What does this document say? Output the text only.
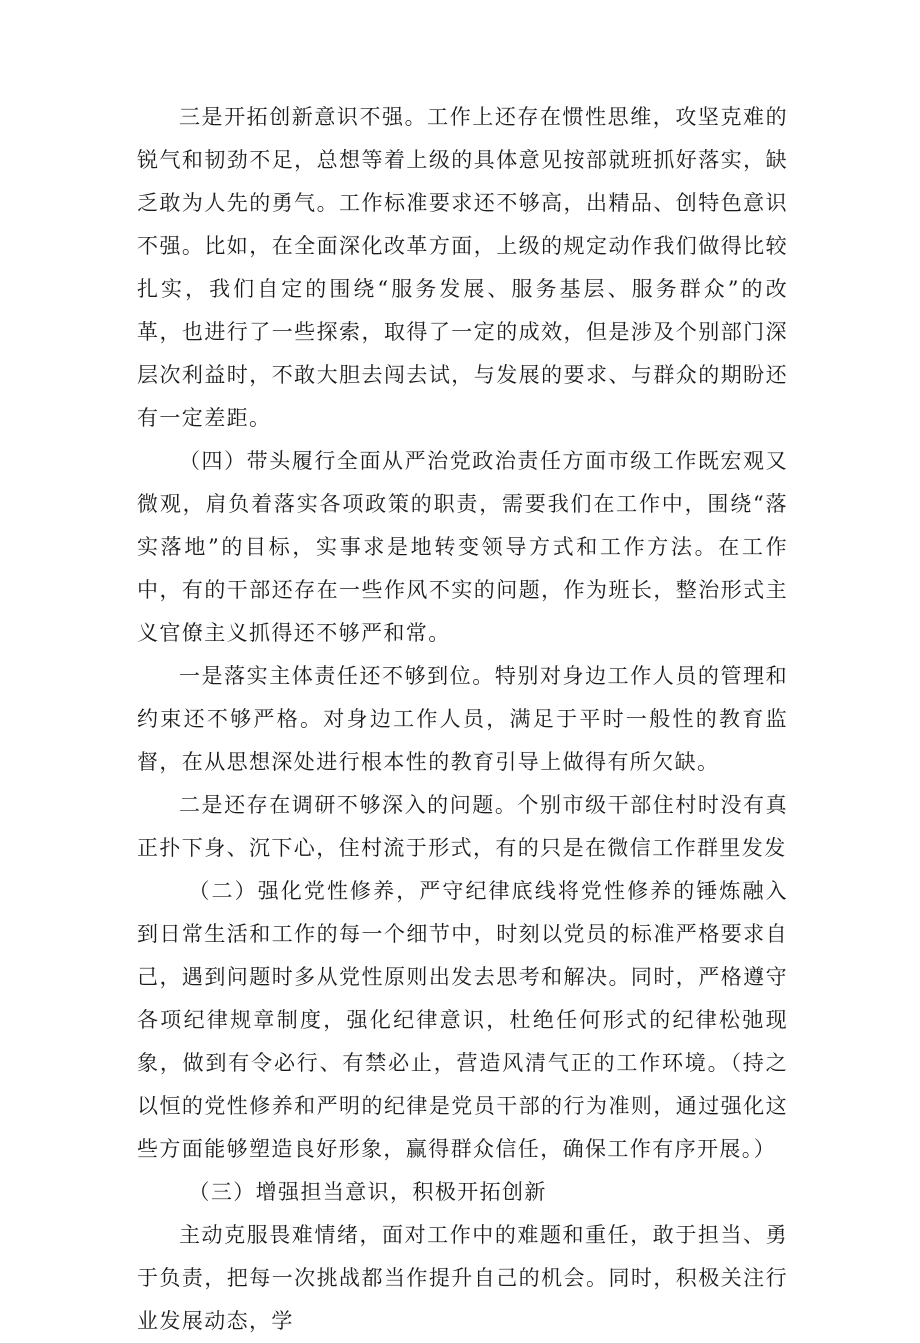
三是开拓创新意识不强。工作上还存在惯性思维，攻坚克难的锐气和韧劲不足，总想等着上级的具体意见按部就班抓好落实，缺乏敢为人先的勇气。工作标准要求还不够高，出精品、创特色意识不强。比如，在全面深化改革方面，上级的规定动作我们做得比较扎实，我们自定的围绕“服务发展、服务基层、服务群众”的改革，也进行了一些探索，取得了一定的成效，但是涉及个别部门深层次利益时，不敢大胆去闯去试，与发展的要求、与群众的期盼还有一定差距。

（四）带头履行全面从严治党政治责任方面市级工作既宏观又微观，肩负着落实各项政策的职责，需要我们在工作中，围绕“落实落地”的目标，实事求是地转变领导方式和工作方法。在工作中，有的干部还存在一些作风不实的问题，作为班长，整治形式主义官僚主义抓得还不够严和常。

一是落实主体责任还不够到位。特别对身边工作人员的管理和约束还不够严格。对身边工作人员，满足于平时一般性的教育监督，在从思想深处进行根本性的教育引导上做得有所欠缺。

二是还存在调研不够深入的问题。个别市级干部住村时没有真正扑下身、沉下心，住村流于形式，有的只是在微信工作群里发发

（二）强化党性修养，严守纪律底线将党性修养的锤炼融入到日常生活和工作的每一个细节中，时刻以党员的标准严格要求自己，遇到问题时多从党性原则出发去思考和解决。同时，严格遵守各项纪律规章制度，强化纪律意识，杜绝任何形式的纪律松弛现象，做到有令必行、有禁必止，营造风清气正的工作环境。（持之以恒的党性修养和严明的纪律是党员干部的行为准则，通过强化这些方面能够塑造良好形象，赢得群众信任，确保工作有序开展。）

（三）增强担当意识，积极开拓创新

主动克服畏难情绪，面对工作中的难题和重任，敢于担当、勇于负责，把每一次挑战都当作提升自己的机会。同时，积极关注行业发展动态，学
